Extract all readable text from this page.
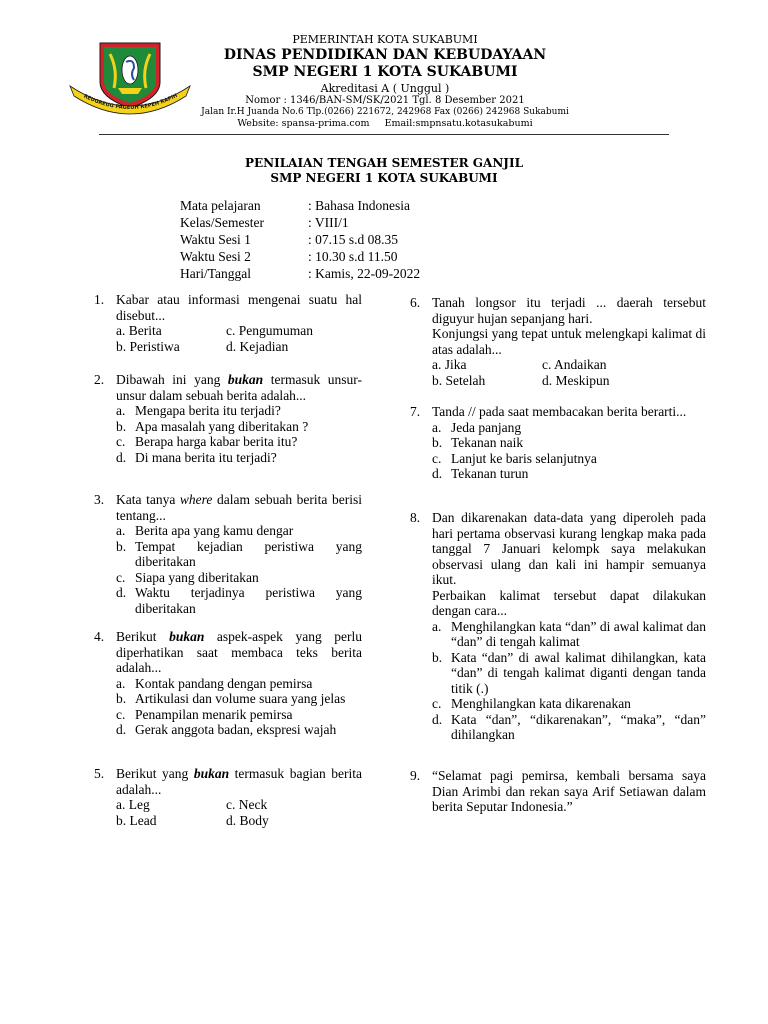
REUGREUG PAGEUH REPEH RAPIH
PEMERINTAH KOTA SUKABUMI
DINAS PENDIDIKAN DAN KEBUDAYAAN
SMP NEGERI 1 KOTA SUKABUMI
Akreditasi A ( Unggul )
Nomor : 1346/BAN-SM/SK/2021 Tgl. 8 Desember 2021
Jalan Ir.H Juanda No.6 Tlp.(0266) 221672, 242968 Fax (0266) 242968 Sukabumi
Website: spansa-prima.com Email:smpnsatu.kotasukabumi
PENILAIAN TENGAH SEMESTER GANJIL
SMP NEGERI 1 KOTA SUKABUMI
Mata pelajaran	: Bahasa Indonesia
Kelas/Semester	: VIII/1
Waktu Sesi 1	: 07.15 s.d 08.35
Waktu Sesi 2	: 10.30 s.d 11.50
Hari/Tanggal	: Kamis, 22-09-2022
1. Kabar atau informasi mengenai suatu hal disebut...
a. Berita	c. Pengumuman
b. Peristiwa	d. Kejadian
2. Dibawah ini yang bukan termasuk unsur-unsur dalam sebuah berita adalah...
a. Mengapa berita itu terjadi?
b. Apa masalah yang diberitakan ?
c. Berapa harga kabar berita itu?
d. Di mana berita itu terjadi?
3. Kata tanya where dalam sebuah berita berisi tentang...
a. Berita apa yang kamu dengar
b. Tempat kejadian peristiwa yang diberitakan
c. Siapa yang diberitakan
d. Waktu terjadinya peristiwa yang diberitakan
4. Berikut bukan aspek-aspek yang perlu diperhatikan saat membaca teks berita adalah...
a. Kontak pandang dengan pemirsa
b. Artikulasi dan volume suara yang jelas
c. Penampilan menarik pemirsa
d. Gerak anggota badan, ekspresi wajah
5. Berikut yang bukan termasuk bagian berita adalah...
a. Leg	c. Neck
b. Lead	d. Body
6. Tanah longsor itu terjadi ... daerah tersebut diguyur hujan sepanjang hari.
Konjungsi yang tepat untuk melengkapi kalimat di atas adalah...
a. Jika	c. Andaikan
b. Setelah	d. Meskipun
7. Tanda // pada saat membacakan berita berarti...
a. Jeda panjang
b. Tekanan naik
c. Lanjut ke baris selanjutnya
d. Tekanan turun
8. Dan dikarenakan data-data yang diperoleh pada hari pertama observasi kurang lengkap maka pada tanggal 7 Januari kelompk saya melakukan observasi ulang dan kali ini hampir semuanya ikut.
Perbaikan kalimat tersebut dapat dilakukan dengan cara...
a. Menghilangkan kata “dan” di awal kalimat dan “dan” di tengah kalimat
b. Kata “dan” di awal kalimat dihilangkan, kata “dan” di tengah kalimat diganti dengan tanda titik (.)
c. Menghilangkan kata dikarenakan
d. Kata “dan”, “dikarenakan”, “maka”, “dan” dihilangkan
9. “Selamat pagi pemirsa, kembali bersama saya Dian Arimbi dan rekan saya Arif Setiawan dalam berita Seputar Indonesia.”
